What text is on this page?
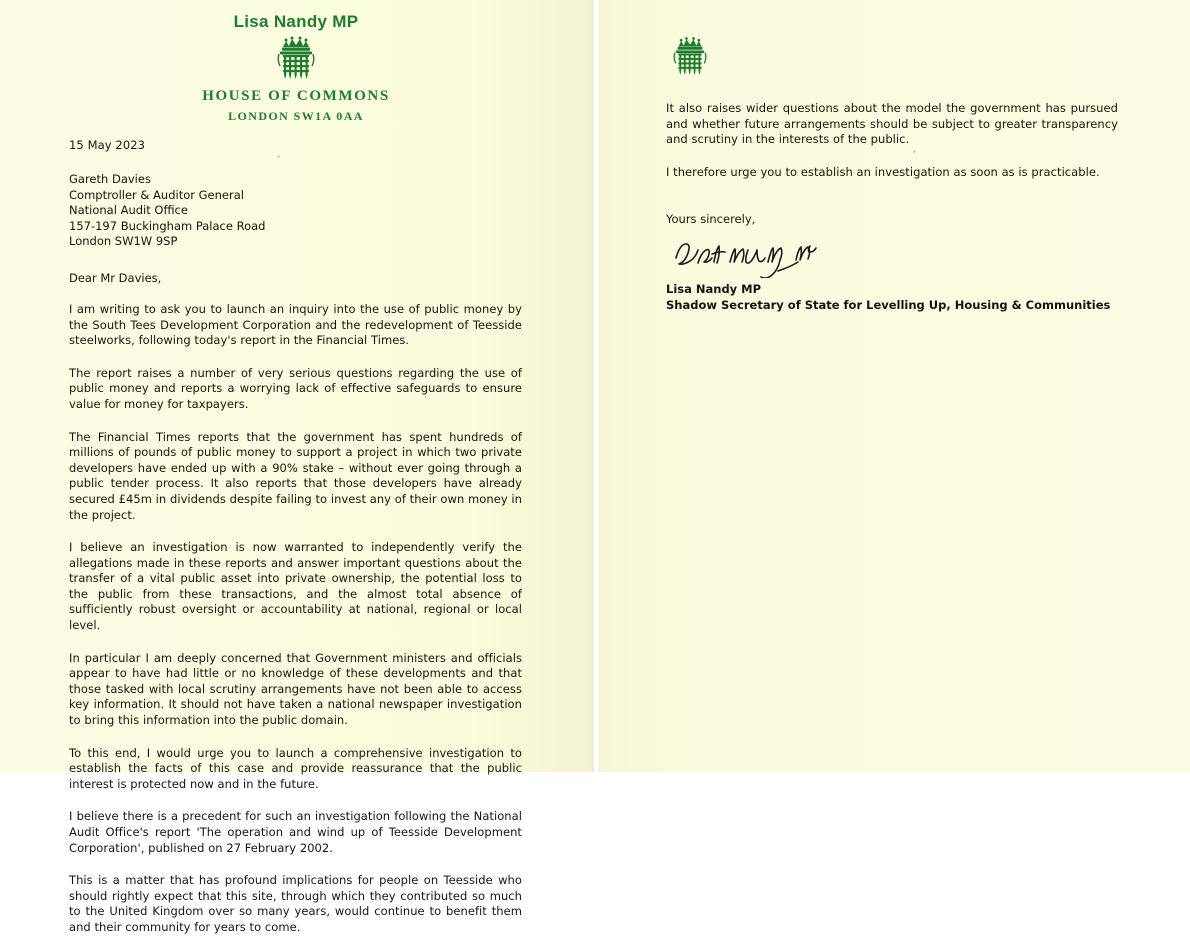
Lisa Nandy MP
HOUSE OF COMMONS
LONDON SW1A 0AA
15 May 2023
Gareth Davies
Comptroller & Auditor General
National Audit Office
157-197 Buckingham Palace Road
London SW1W 9SP
Dear Mr Davies,

I am writing to ask you to launch an inquiry into the use of public money by the South Tees Development Corporation and the redevelopment of Teesside steelworks, following today's report in the Financial Times.

The report raises a number of very serious questions regarding the use of public money and reports a worrying lack of effective safeguards to ensure value for money for taxpayers.

The Financial Times reports that the government has spent hundreds of millions of pounds of public money to support a project in which two private developers have ended up with a 90% stake – without ever going through a public tender process. It also reports that those developers have already secured £45m in dividends despite failing to invest any of their own money in the project.

I believe an investigation is now warranted to independently verify the allegations made in these reports and answer important questions about the transfer of a vital public asset into private ownership, the potential loss to the public from these transactions, and the almost total absence of sufficiently robust oversight or accountability at national, regional or local level.

In particular I am deeply concerned that Government ministers and officials appear to have had little or no knowledge of these developments and that those tasked with local scrutiny arrangements have not been able to access key information. It should not have taken a national newspaper investigation to bring this information into the public domain.

To this end, I would urge you to launch a comprehensive investigation to establish the facts of this case and provide reassurance that the public interest is protected now and in the future.

I believe there is a precedent for such an investigation following the National Audit Office's report 'The operation and wind up of Teesside Development Corporation', published on 27 February 2002.

This is a matter that has profound implications for people on Teesside who should rightly expect that this site, through which they contributed so much to the United Kingdom over so many years, would continue to benefit them and their community for years to come.

It also raises wider questions about the model the government has pursued and whether future arrangements should be subject to greater transparency and scrutiny in the interests of the public.

I therefore urge you to establish an investigation as soon as is practicable.

Yours sincerely,
Lisa Nandy MP
Shadow Secretary of State for Levelling Up, Housing & Communities
